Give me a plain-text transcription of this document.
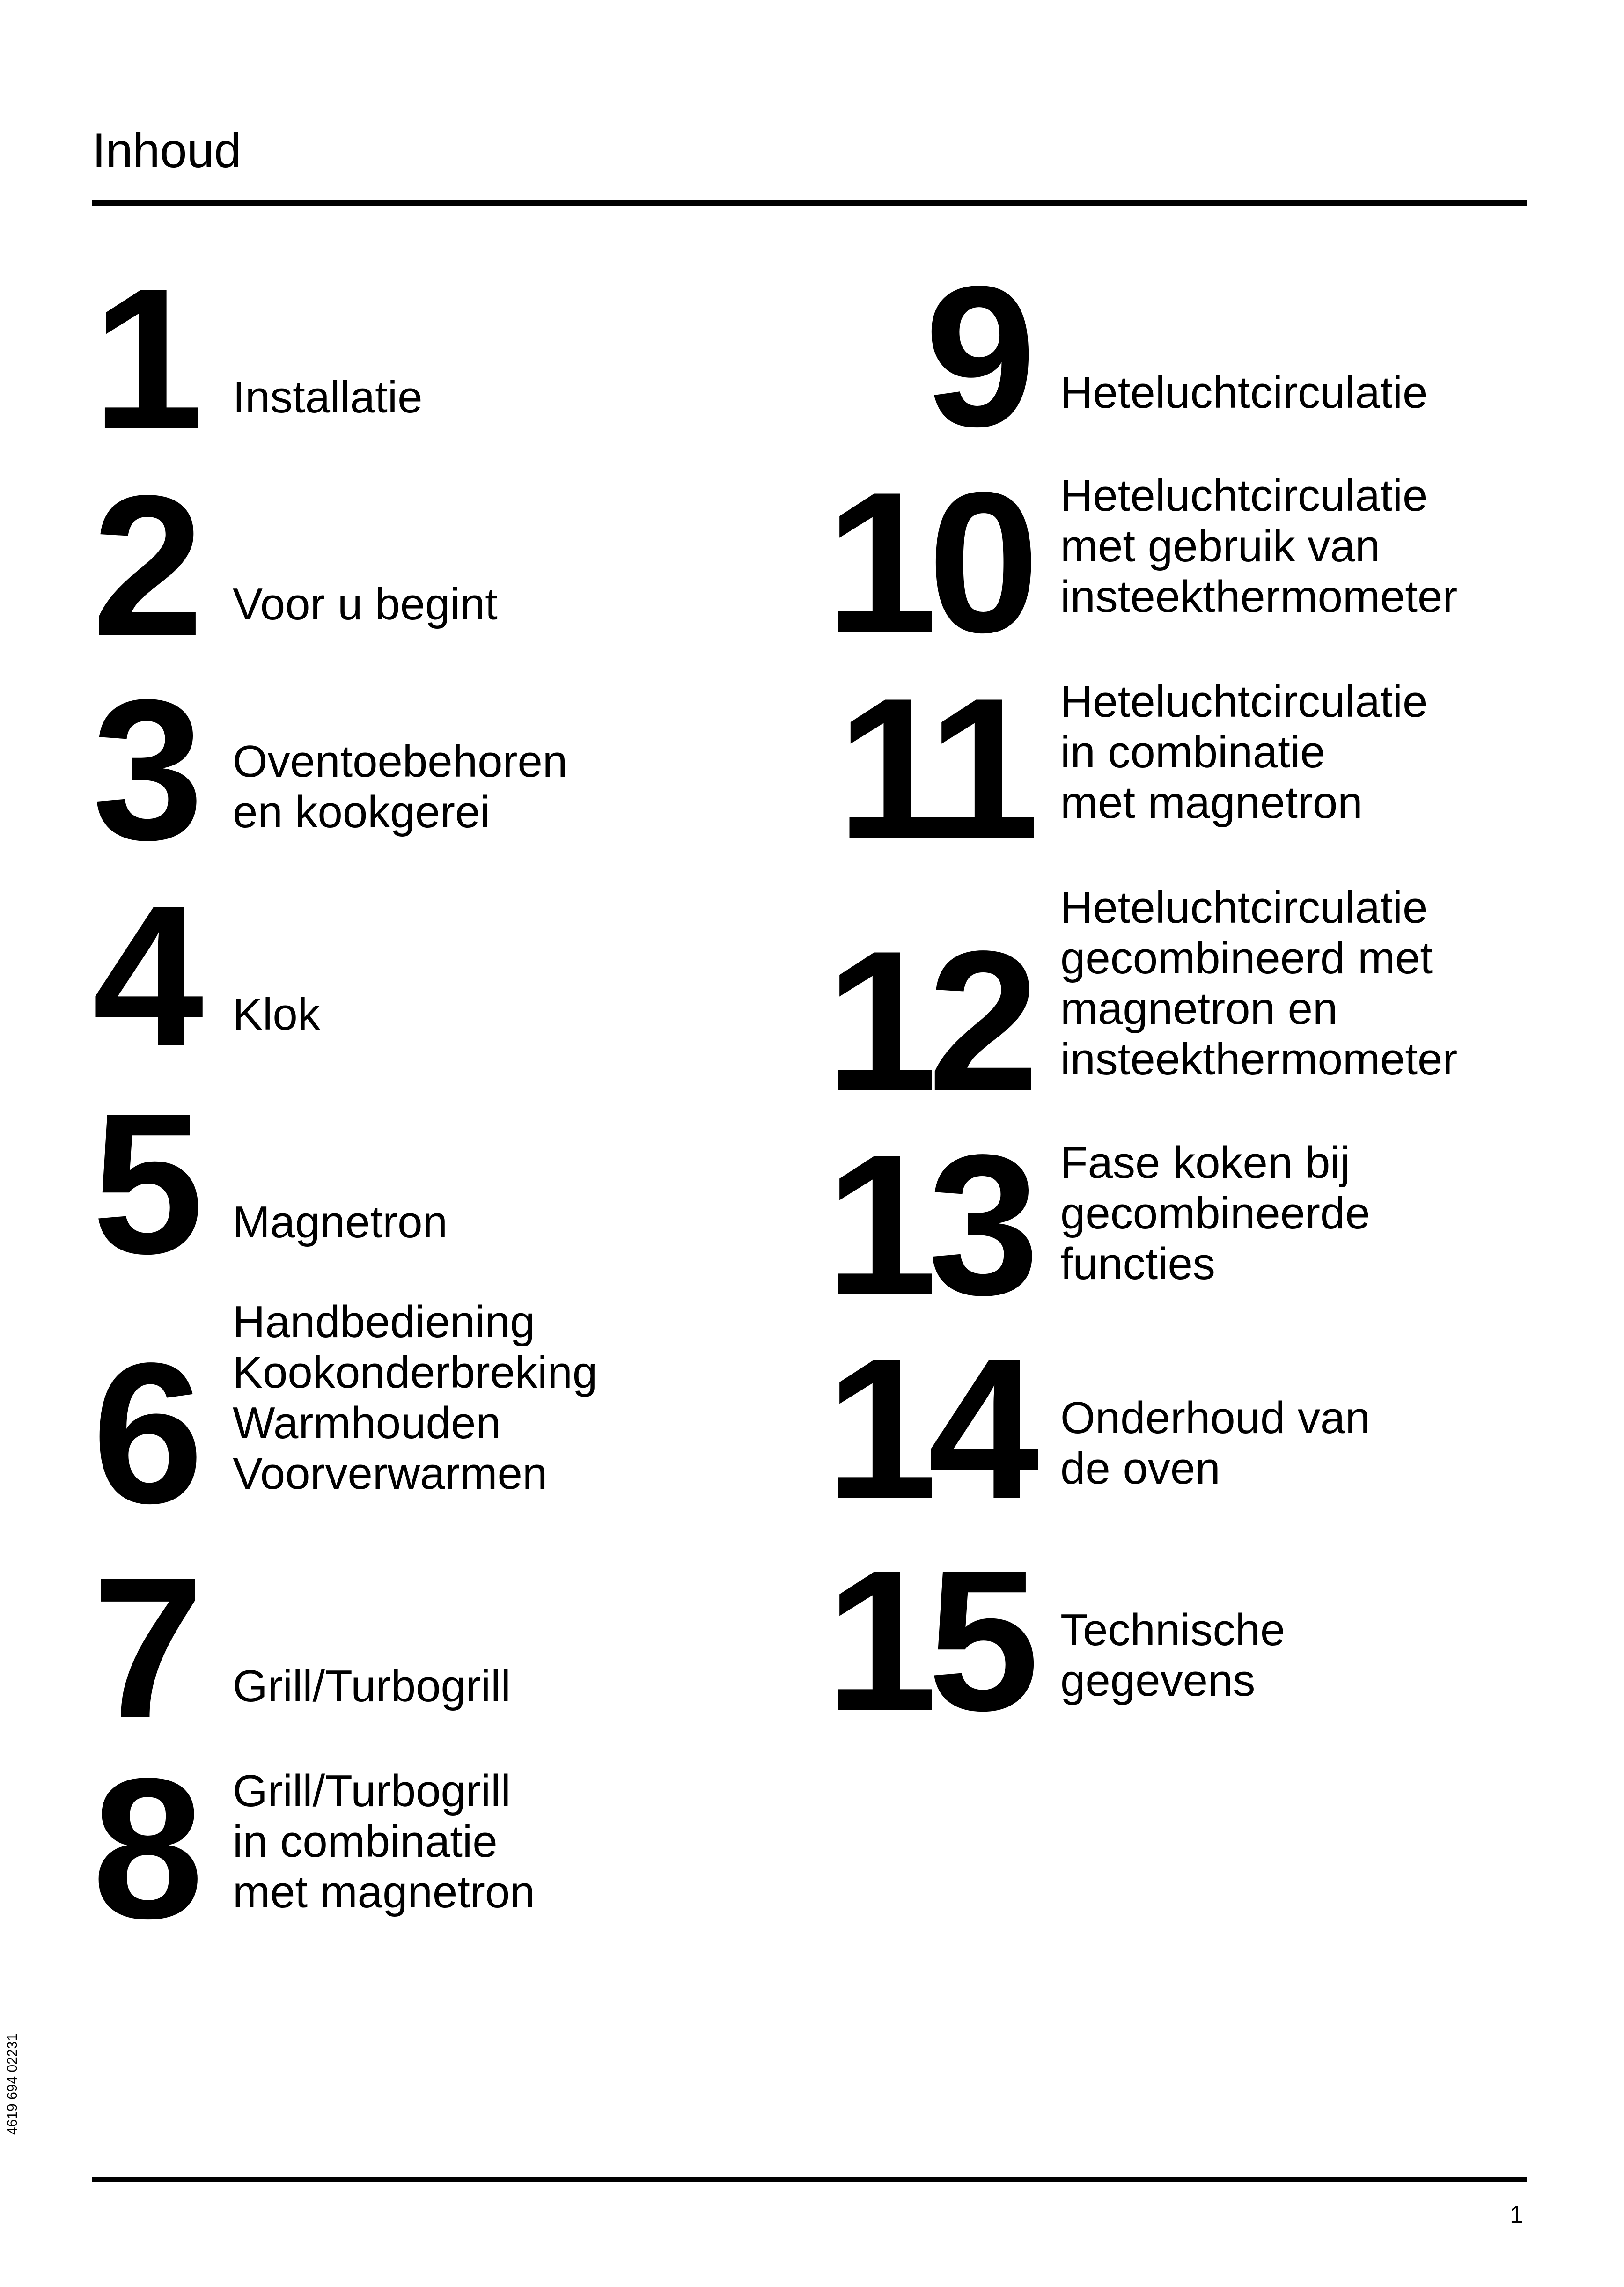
Inhoud
1 Installatie
2 Voor u begint
3 Oventoebehoren
en kookgerei
4 Klok
5 Magnetron
6 Handbediening
Kookonderbreking
Warmhouden
Voorverwarmen
7 Grill/Turbogrill
8 Grill/Turbogrill
in combinatie
met magnetron
9 Heteluchtcirculatie
10 Heteluchtcirculatie
met gebruik van
insteekthermometer
11 Heteluchtcirculatie
in combinatie
met magnetron
12
Heteluchtcirculatie
gecombineerd met
magnetron en
insteekthermometer
13 Fase koken bij
gecombineerde
functies
14 Onderhoud van
de oven
15 Technische
gegevens
1
4619 694 02231
